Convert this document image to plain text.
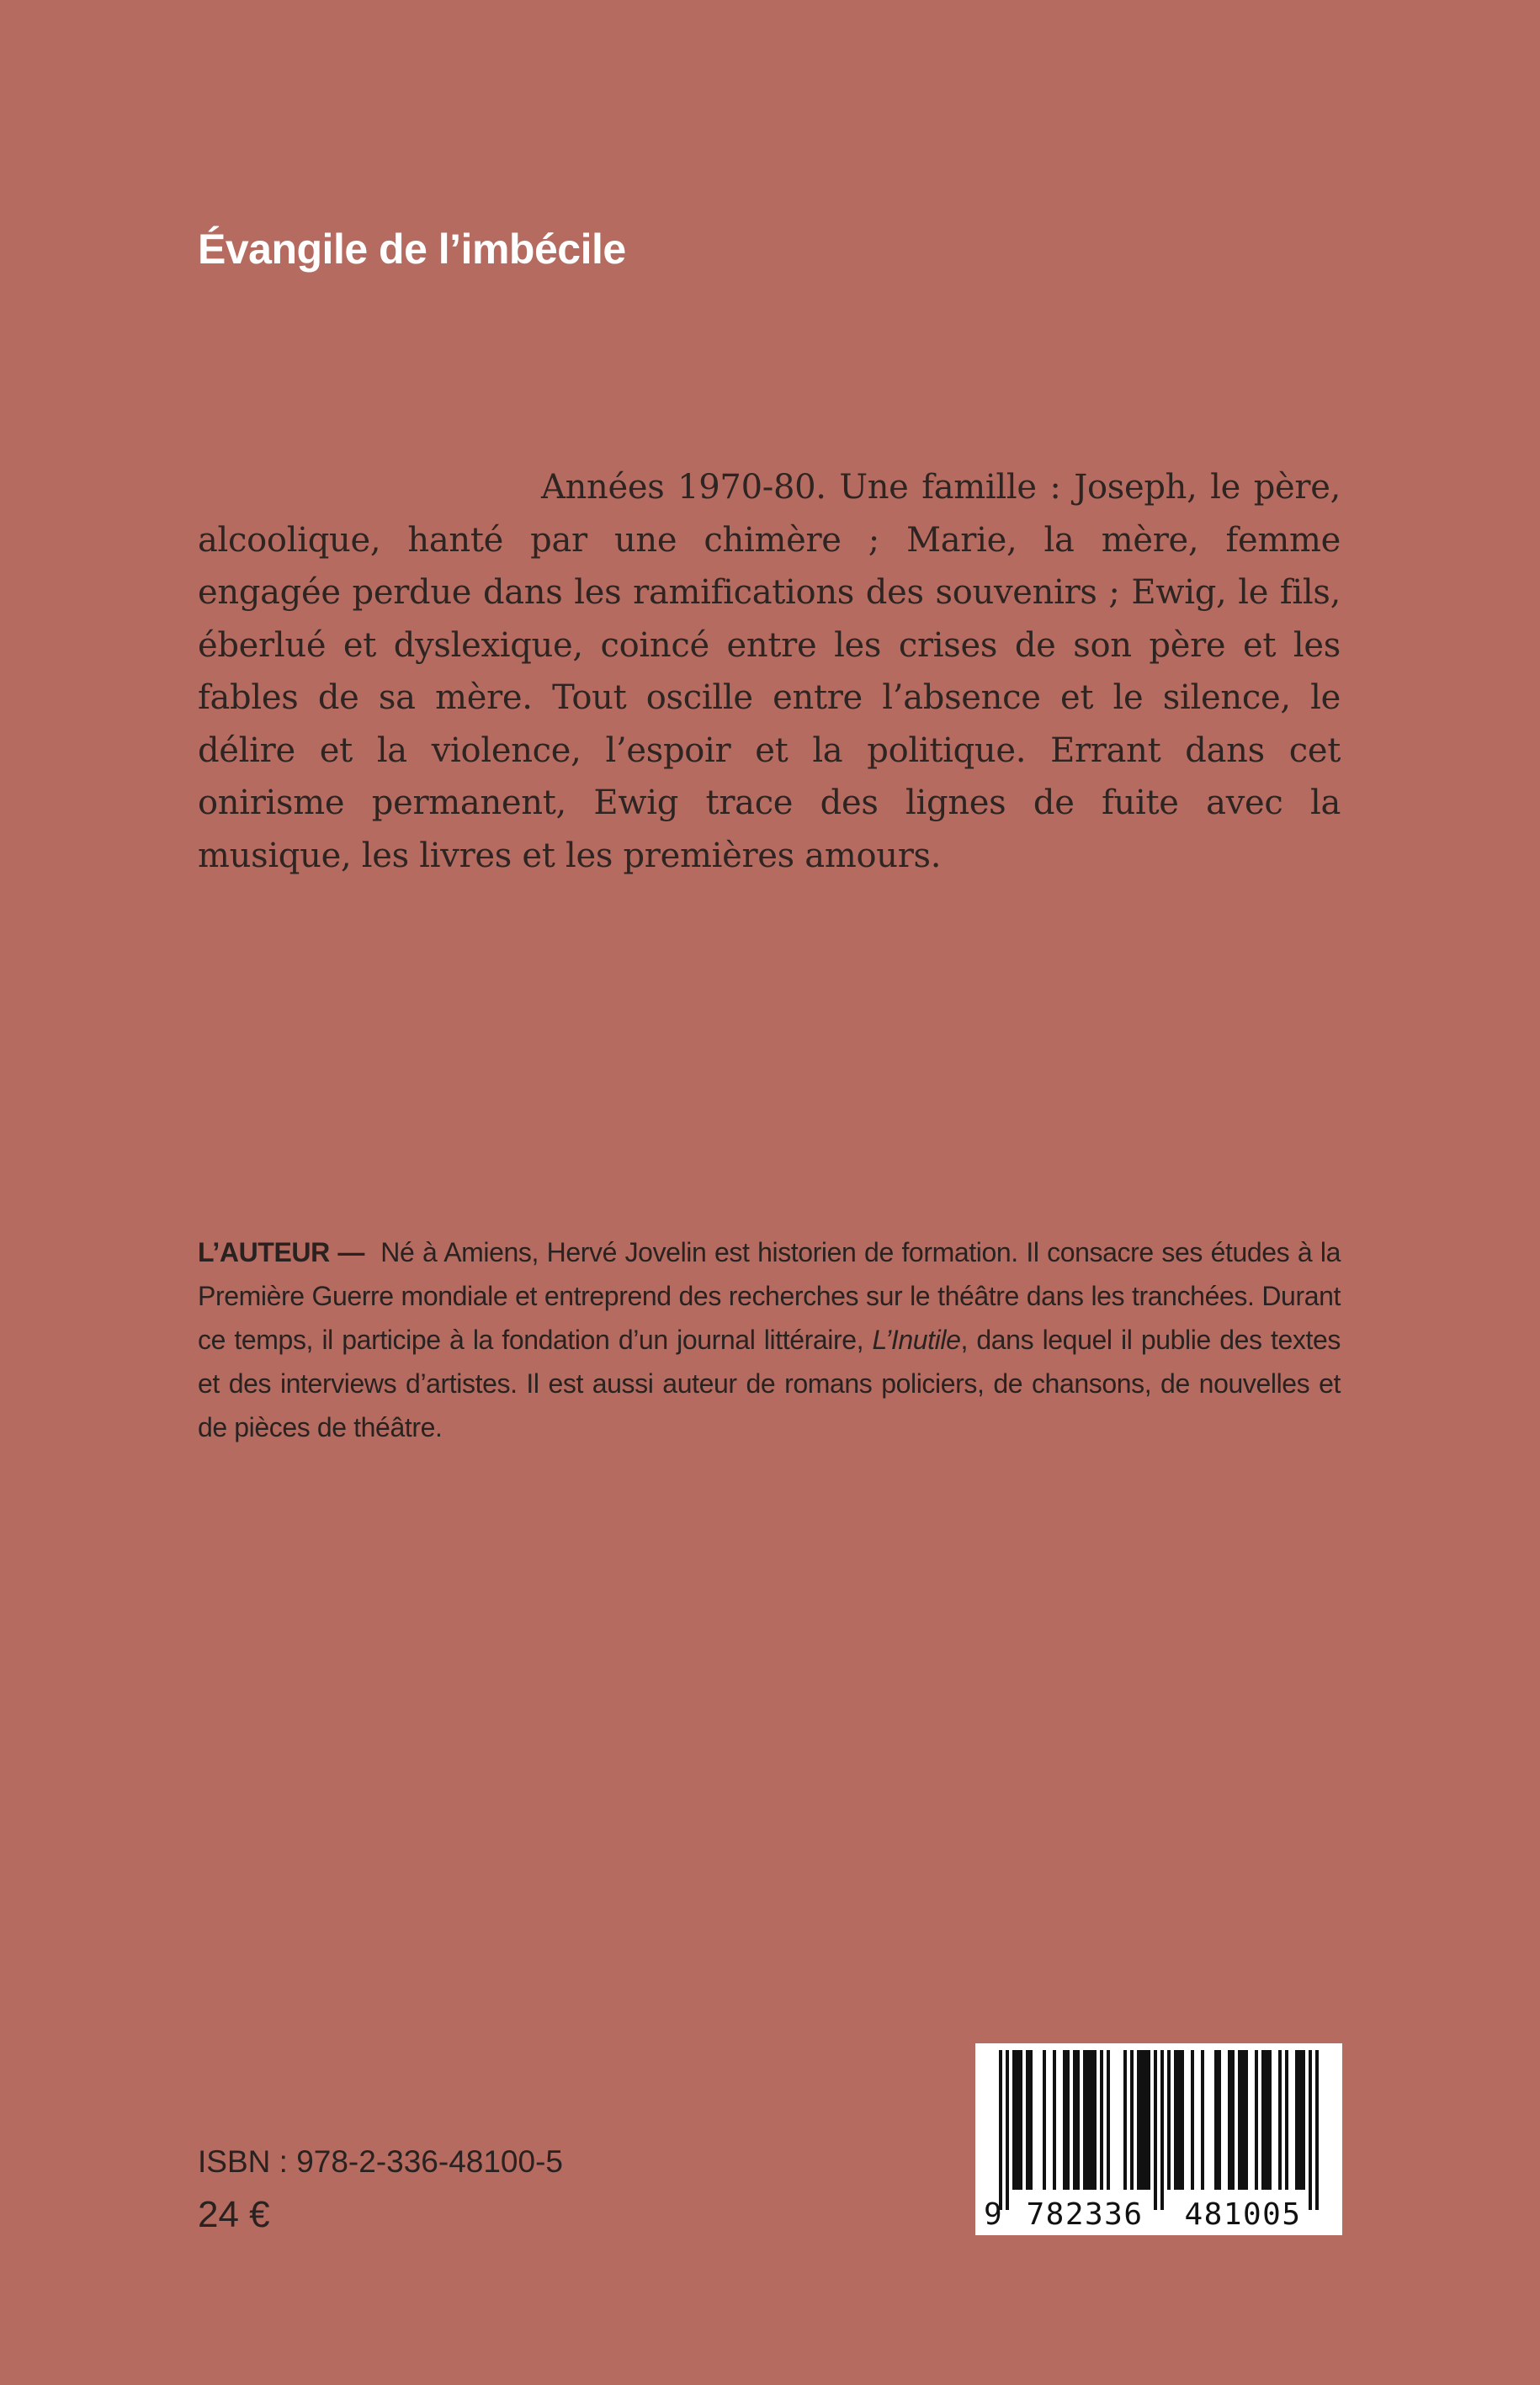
Évangile de l’imbécile

Années 1970-80. Une famille : Joseph, le père, alcoolique, hanté par une chimère ; Marie, la mère, femme engagée perdue dans les ramifications des souvenirs ; Ewig, le fils, éberlué et dyslexique, coincé entre les crises de son père et les fables de sa mère. Tout oscille entre l’absence et le silence, le délire et la violence, l’espoir et la politique. Errant dans cet onirisme permanent, Ewig trace des lignes de fuite avec la musique, les livres et les premières amours.

L’AUTEUR — Né à Amiens, Hervé Jovelin est historien de formation. Il consacre ses études à la Première Guerre mondiale et entreprend des recherches sur le théâtre dans les tranchées. Durant ce temps, il participe à la fondation d’un journal littéraire, L’Inutile, dans lequel il publie des textes et des interviews d’artistes. Il est aussi auteur de romans policiers, de chansons, de nouvelles et de pièces de théâtre.

ISBN : 978-2-336-48100-5

24 €	9 782336	481005
